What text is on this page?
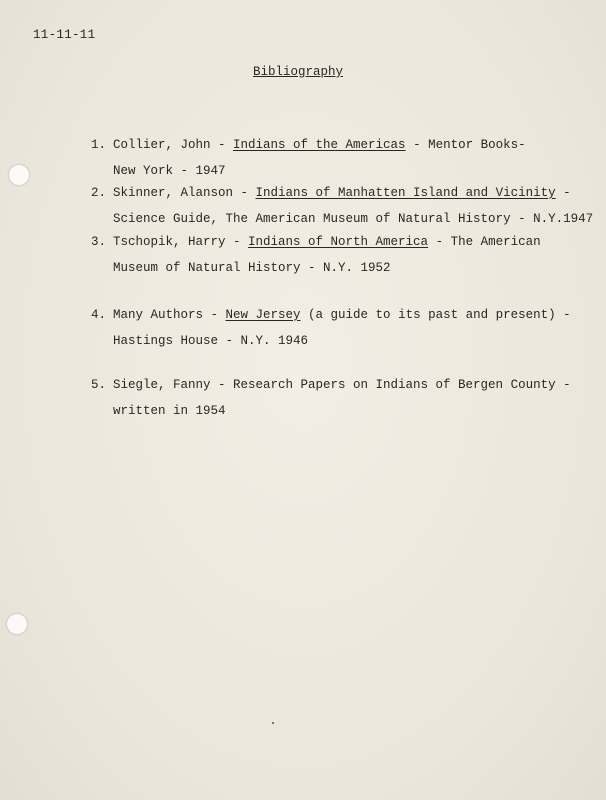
11-11-11
Bibliography
1. Collier, John - Indians of the Americas - Mentor Books-
New York - 1947
2. Skinner, Alanson - Indians of Manhatten Island and Vicinity -
Science Guide, The American Museum of Natural History - N.Y.1947
3. Tschopik, Harry - Indians of North America - The American
Museum of Natural History - N.Y. 1952
4. Many Authors - New Jersey (a guide to its past and present) -
Hastings House - N.Y. 1946
5. Siegle, Fanny - Research Papers on Indians of Bergen County -
written in 1954
